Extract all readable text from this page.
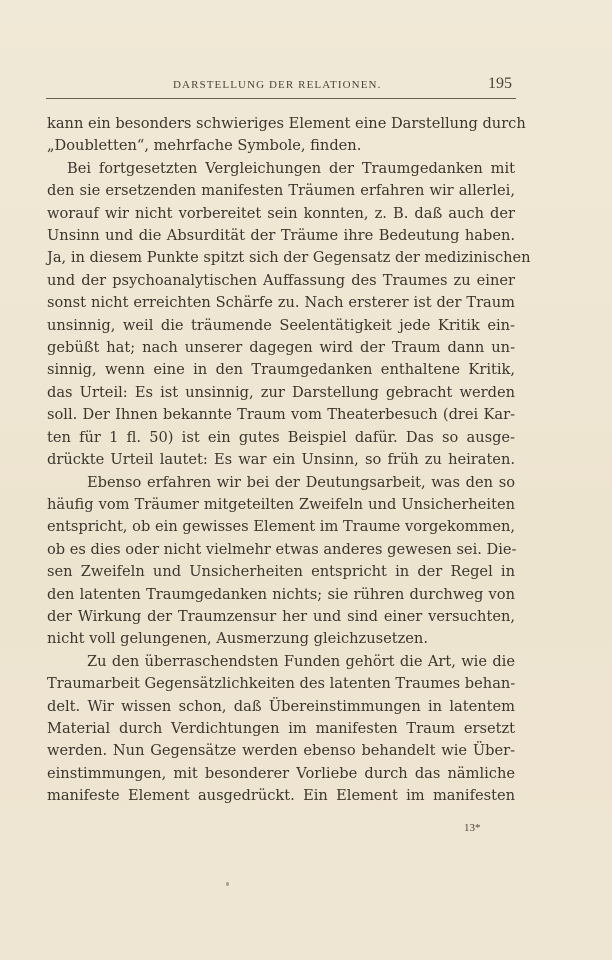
DARSTELLUNG DER RELATIONEN.	195
kann ein besonders schwieriges Element eine Darstellung durch
„Doubletten“, mehrfache Symbole, finden.
Bei fortgesetzten Vergleichungen der Traumgedanken mit
den sie ersetzenden manifesten Träumen erfahren wir allerlei,
worauf wir nicht vorbereitet sein konnten, z. B. daß auch der
Unsinn und die Absurdität der Träume ihre Bedeutung haben.
Ja, in diesem Punkte spitzt sich der Gegensatz der medizinischen
und der psychoanalytischen Auffassung des Traumes zu einer
sonst nicht erreichten Schärfe zu. Nach ersterer ist der Traum
unsinnig, weil die träumende Seelentätigkeit jede Kritik ein-
gebüßt hat; nach unserer dagegen wird der Traum dann un-
sinnig, wenn eine in den Traumgedanken enthaltene Kritik,
das Urteil: Es ist unsinnig, zur Darstellung gebracht werden
soll. Der Ihnen bekannte Traum vom Theaterbesuch (drei Kar-
ten für 1 fl. 50) ist ein gutes Beispiel dafür. Das so ausge-
drückte Urteil lautet: Es war ein Unsinn, so früh zu heiraten.
Ebenso erfahren wir bei der Deutungsarbeit, was den so
häufig vom Träumer mitgeteilten Zweifeln und Unsicherheiten
entspricht, ob ein gewisses Element im Traume vorgekommen,
ob es dies oder nicht vielmehr etwas anderes gewesen sei. Die-
sen Zweifeln und Unsicherheiten entspricht in der Regel in
den latenten Traumgedanken nichts; sie rühren durchweg von
der Wirkung der Traumzensur her und sind einer versuchten,
nicht voll gelungenen, Ausmerzung gleichzusetzen.
Zu den überraschendsten Funden gehört die Art, wie die
Traumarbeit Gegensätzlichkeiten des latenten Traumes behan-
delt. Wir wissen schon, daß Übereinstimmungen in latentem
Material durch Verdichtungen im manifesten Traum ersetzt
werden. Nun Gegensätze werden ebenso behandelt wie Über-
einstimmungen, mit besonderer Vorliebe durch das nämliche
manifeste Element ausgedrückt. Ein Element im manifesten
13*
